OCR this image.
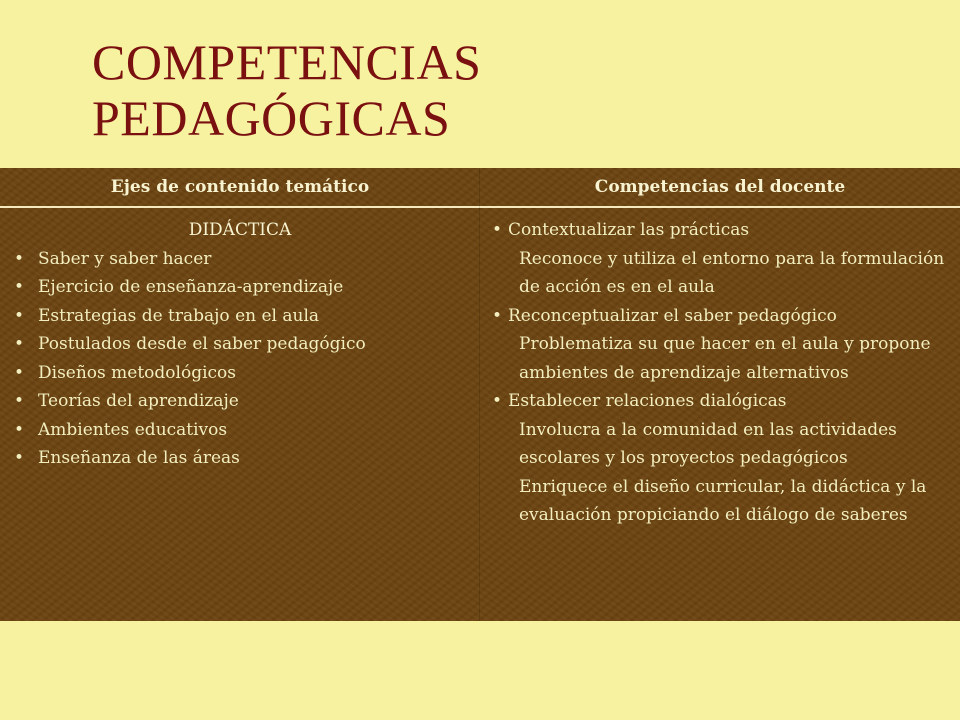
COMPETENCIAS
PEDAGÓGICAS
Ejes de contenido temático	Competencias del docente
DIDÁCTICA
• Saber y saber hacer
• Ejercicio de enseñanza-aprendizaje
• Estrategias de trabajo en el aula
• Postulados desde el saber pedagógico
• Diseños metodológicos
• Teorías del aprendizaje
• Ambientes educativos
• Enseñanza de las áreas
• Contextualizar las prácticas
Reconoce y utiliza el entorno para la formulación de acción es en el aula
• Reconceptualizar el saber pedagógico
Problematiza su que hacer en el aula y propone ambientes de aprendizaje alternativos
• Establecer relaciones dialógicas
Involucra a la comunidad en las actividades escolares y los proyectos pedagógicos
Enriquece el diseño curricular, la didáctica y la evaluación propiciando el diálogo de saberes
